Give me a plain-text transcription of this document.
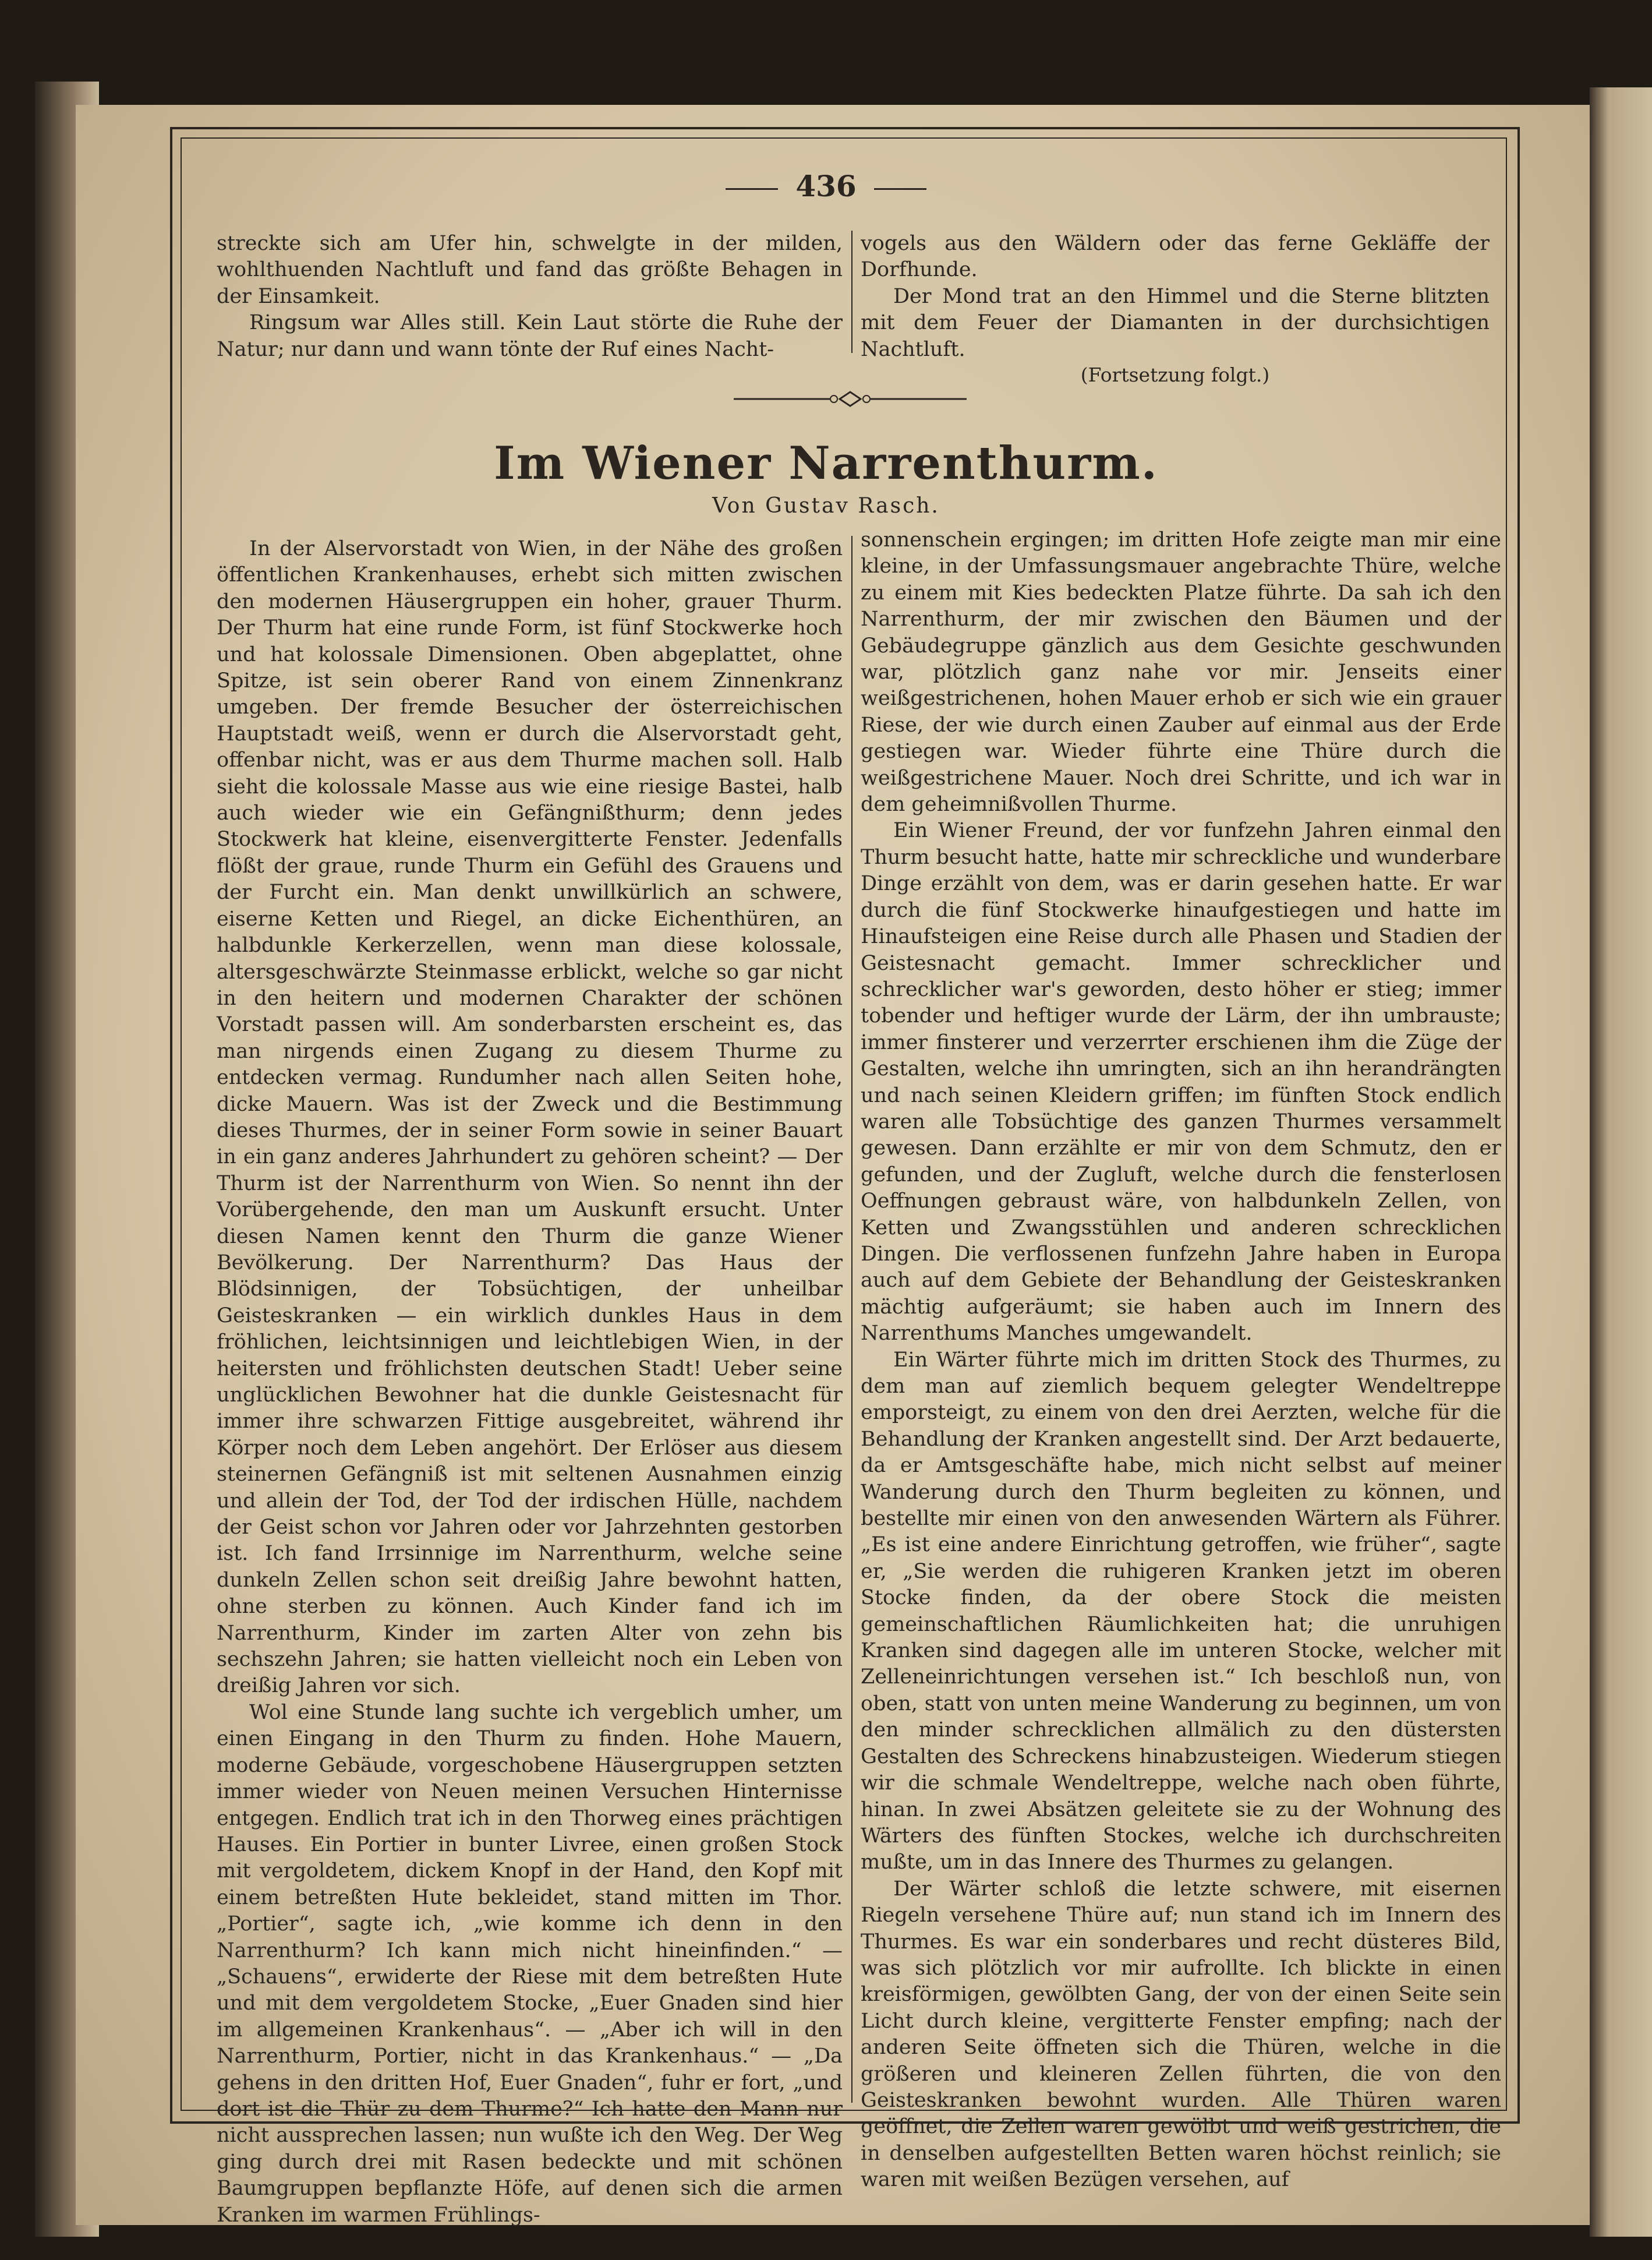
436

streckte sich am Ufer hin, schwelgte in der milden, wohlthuenden Nachtluft und fand das größte Behagen in der Einsamkeit.

Ringsum war Alles still. Kein Laut störte die Ruhe der Natur; nur dann und wann tönte der Ruf eines Nacht-

vogels aus den Wäldern oder das ferne Gekläffe der Dorfhunde.

Der Mond trat an den Himmel und die Sterne blitzten mit dem Feuer der Diamanten in der durchsichtigen Nachtluft.

(Fortsetzung folgt.)
Im Wiener Narrenthurm.
Von Gustav Rasch.

In der Alservorstadt von Wien, in der Nähe des großen öffentlichen Krankenhauses, erhebt sich mitten zwischen den modernen Häusergruppen ein hoher, grauer Thurm. Der Thurm hat eine runde Form, ist fünf Stockwerke hoch und hat kolossale Dimensionen. Oben abgeplattet, ohne Spitze, ist sein oberer Rand von einem Zinnenkranz umgeben. Der fremde Besucher der österreichischen Hauptstadt weiß, wenn er durch die Alservorstadt geht, offenbar nicht, was er aus dem Thurme machen soll. Halb sieht die kolossale Masse aus wie eine riesige Bastei, halb auch wieder wie ein Gefängnißthurm; denn jedes Stockwerk hat kleine, eisenvergitterte Fenster. Jedenfalls flößt der graue, runde Thurm ein Gefühl des Grauens und der Furcht ein. Man denkt unwillkürlich an schwere, eiserne Ketten und Riegel, an dicke Eichenthüren, an halbdunkle Kerkerzellen, wenn man diese kolossale, altersgeschwärzte Steinmasse erblickt, welche so gar nicht in den heitern und modernen Charakter der schönen Vorstadt passen will. Am sonderbarsten erscheint es, das man nirgends einen Zugang zu diesem Thurme zu entdecken vermag. Rundumher nach allen Seiten hohe, dicke Mauern. Was ist der Zweck und die Bestimmung dieses Thurmes, der in seiner Form sowie in seiner Bauart in ein ganz anderes Jahrhundert zu gehören scheint? — Der Thurm ist der Narrenthurm von Wien. So nennt ihn der Vorübergehende, den man um Auskunft ersucht. Unter diesen Namen kennt den Thurm die ganze Wiener Bevölkerung. Der Narrenthurm? Das Haus der Blödsinnigen, der Tobsüchtigen, der unheilbar Geisteskranken — ein wirklich dunkles Haus in dem fröhlichen, leichtsinnigen und leichtlebigen Wien, in der heitersten und fröhlichsten deutschen Stadt! Ueber seine unglücklichen Bewohner hat die dunkle Geistesnacht für immer ihre schwarzen Fittige ausgebreitet, während ihr Körper noch dem Leben angehört. Der Erlöser aus diesem steinernen Gefängniß ist mit seltenen Ausnahmen einzig und allein der Tod, der Tod der irdischen Hülle, nachdem der Geist schon vor Jahren oder vor Jahrzehnten gestorben ist. Ich fand Irrsinnige im Narrenthurm, welche seine dunkeln Zellen schon seit dreißig Jahre bewohnt hatten, ohne sterben zu können. Auch Kinder fand ich im Narrenthurm, Kinder im zarten Alter von zehn bis sechszehn Jahren; sie hatten vielleicht noch ein Leben von dreißig Jahren vor sich.

Wol eine Stunde lang suchte ich vergeblich umher, um einen Eingang in den Thurm zu finden. Hohe Mauern, moderne Gebäude, vorgeschobene Häusergruppen setzten immer wieder von Neuen meinen Versuchen Hinternisse entgegen. Endlich trat ich in den Thorweg eines prächtigen Hauses. Ein Portier in bunter Livree, einen großen Stock mit vergoldetem, dickem Knopf in der Hand, den Kopf mit einem betreßten Hute bekleidet, stand mitten im Thor. „Portier“, sagte ich, „wie komme ich denn in den Narrenthurm? Ich kann mich nicht hineinfinden.“ — „Schauens“, erwiderte der Riese mit dem betreßten Hute und mit dem vergoldetem Stocke, „Euer Gnaden sind hier im allgemeinen Krankenhaus“. — „Aber ich will in den Narrenthurm, Portier, nicht in das Krankenhaus.“ — „Da gehens in den dritten Hof, Euer Gnaden“, fuhr er fort, „und dort ist die Thür zu dem Thurme?“ Ich hatte den Mann nur nicht aussprechen lassen; nun wußte ich den Weg. Der Weg ging durch drei mit Rasen bedeckte und mit schönen Baumgruppen bepflanzte Höfe, auf denen sich die armen Kranken im warmen Frühlings-

sonnenschein ergingen; im dritten Hofe zeigte man mir eine kleine, in der Umfassungsmauer angebrachte Thüre, welche zu einem mit Kies bedeckten Platze führte. Da sah ich den Narrenthurm, der mir zwischen den Bäumen und der Gebäudegruppe gänzlich aus dem Gesichte geschwunden war, plötzlich ganz nahe vor mir. Jenseits einer weißgestrichenen, hohen Mauer erhob er sich wie ein grauer Riese, der wie durch einen Zauber auf einmal aus der Erde gestiegen war. Wieder führte eine Thüre durch die weißgestrichene Mauer. Noch drei Schritte, und ich war in dem geheimnißvollen Thurme.

Ein Wiener Freund, der vor funfzehn Jahren einmal den Thurm besucht hatte, hatte mir schreckliche und wunderbare Dinge erzählt von dem, was er darin gesehen hatte. Er war durch die fünf Stockwerke hinaufgestiegen und hatte im Hinaufsteigen eine Reise durch alle Phasen und Stadien der Geistesnacht gemacht. Immer schrecklicher und schrecklicher war's geworden, desto höher er stieg; immer tobender und heftiger wurde der Lärm, der ihn umbrauste; immer finsterer und verzerrter erschienen ihm die Züge der Gestalten, welche ihn umringten, sich an ihn herandrängten und nach seinen Kleidern griffen; im fünften Stock endlich waren alle Tobsüchtige des ganzen Thurmes versammelt gewesen. Dann erzählte er mir von dem Schmutz, den er gefunden, und der Zugluft, welche durch die fensterlosen Oeffnungen gebraust wäre, von halbdunkeln Zellen, von Ketten und Zwangsstühlen und anderen schrecklichen Dingen. Die verflossenen funfzehn Jahre haben in Europa auch auf dem Gebiete der Behandlung der Geisteskranken mächtig aufgeräumt; sie haben auch im Innern des Narrenthums Manches umgewandelt.

Ein Wärter führte mich im dritten Stock des Thurmes, zu dem man auf ziemlich bequem gelegter Wendeltreppe emporsteigt, zu einem von den drei Aerzten, welche für die Behandlung der Kranken angestellt sind. Der Arzt bedauerte, da er Amtsgeschäfte habe, mich nicht selbst auf meiner Wanderung durch den Thurm begleiten zu können, und bestellte mir einen von den anwesenden Wärtern als Führer. „Es ist eine andere Einrichtung getroffen, wie früher“, sagte er, „Sie werden die ruhigeren Kranken jetzt im oberen Stocke finden, da der obere Stock die meisten gemeinschaftlichen Räumlichkeiten hat; die unruhigen Kranken sind dagegen alle im unteren Stocke, welcher mit Zelleneinrichtungen versehen ist.“ Ich beschloß nun, von oben, statt von unten meine Wanderung zu beginnen, um von den minder schrecklichen allmälich zu den düstersten Gestalten des Schreckens hinabzusteigen. Wiederum stiegen wir die schmale Wendeltreppe, welche nach oben führte, hinan. In zwei Absätzen geleitete sie zu der Wohnung des Wärters des fünften Stockes, welche ich durchschreiten mußte, um in das Innere des Thurmes zu gelangen.

Der Wärter schloß die letzte schwere, mit eisernen Riegeln versehene Thüre auf; nun stand ich im Innern des Thurmes. Es war ein sonderbares und recht düsteres Bild, was sich plötzlich vor mir aufrollte. Ich blickte in einen kreisförmigen, gewölbten Gang, der von der einen Seite sein Licht durch kleine, vergitterte Fenster empfing; nach der anderen Seite öffneten sich die Thüren, welche in die größeren und kleineren Zellen führten, die von den Geisteskranken bewohnt wurden. Alle Thüren waren geöffnet, die Zellen waren gewölbt und weiß gestrichen, die in denselben aufgestellten Betten waren höchst reinlich; sie waren mit weißen Bezügen versehen, auf
